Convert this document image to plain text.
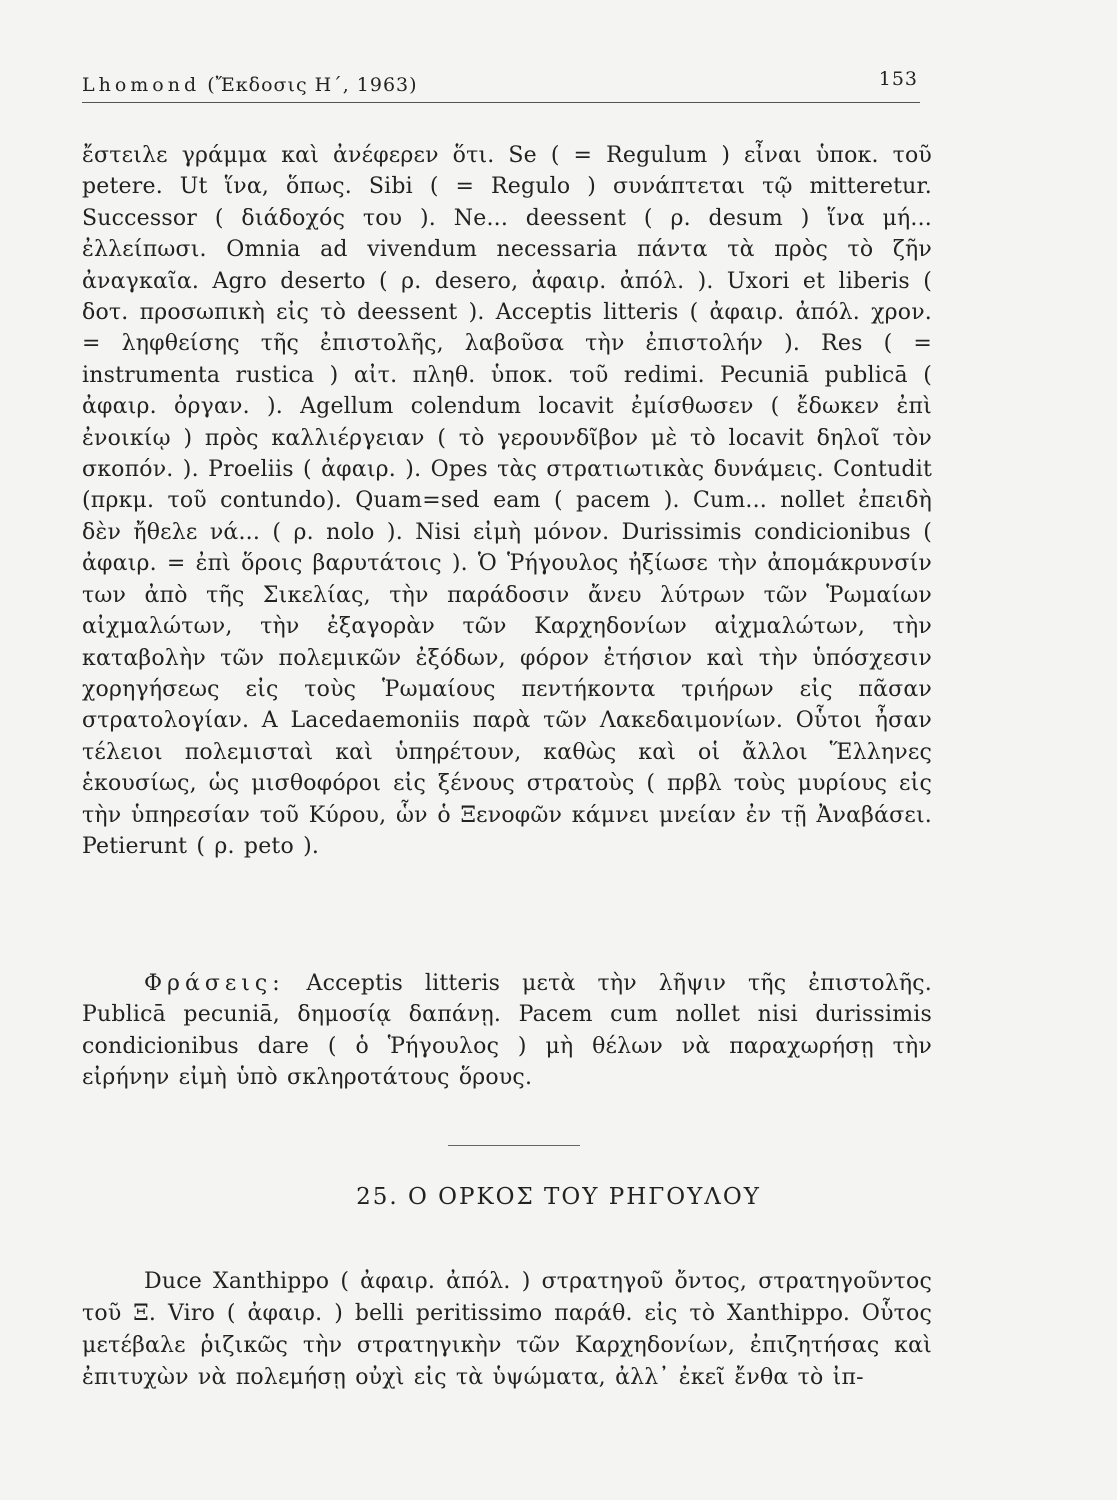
Lhomond (Ἔκδοσις Η΄, 1963)	153

ἔστειλε γράμμα καὶ ἀνέφερεν ὅτι. Se ( = Regulum ) εἶναι ὑποκ. τοῦ petere. Ut ἵνα, ὅπως. Sibi ( = Regulo ) συνάπτεται τῷ mitteretur. Successor ( διάδοχός του ). Ne... deessent ( ρ. desum ) ἵνα μή... ἐλλείπωσι. Omnia ad vivendum necessaria πάντα τὰ πρὸς τὸ ζῆν ἀναγκαῖα. Agro deserto ( ρ. desero, ἀφαιρ. ἀπόλ. ). Uxori et liberis ( δοτ. προσωπικὴ εἰς τὸ deessent ). Acceptis litteris ( ἀφαιρ. ἀπόλ. χρον. = ληφθείσης τῆς ἐπιστολῆς, λαβοῦσα τὴν ἐπιστολήν ). Res ( = instrumenta rustica ) αἰτ. πληθ. ὑποκ. τοῦ redimi. Pecuniā publicā ( ἀφαιρ. ὀργαν. ). Agellum colendum locavit ἐμίσθωσεν ( ἔδωκεν ἐπὶ ἐνοικίῳ ) πρὸς καλλιέργειαν ( τὸ γερουνδῖβον μὲ τὸ locavit δηλοῖ τὸν σκοπόν. ). Proeliis ( ἀφαιρ. ). Opes τὰς στρατιωτικὰς δυνάμεις. Contudit (πρκμ. τοῦ contundo). Quam=sed eam ( pacem ). Cum... nollet ἐπειδὴ δὲν ἤθελε νά... ( ρ. nolo ). Nisi εἰμὴ μόνον. Durissimis condicionibus ( ἀφαιρ. = ἐπὶ ὅροις βαρυτάτοις ). Ὁ Ῥήγουλος ἠξίωσε τὴν ἀπομάκρυνσίν των ἀπὸ τῆς Σικελίας, τὴν παράδοσιν ἄνευ λύτρων τῶν Ῥωμαίων αἰχμαλώτων, τὴν ἐξαγορὰν τῶν Καρχηδονίων αἰχμαλώτων, τὴν καταβολὴν τῶν πολεμικῶν ἐξόδων, φόρον ἐτήσιον καὶ τὴν ὑπόσχεσιν χορηγήσεως εἰς τοὺς Ῥωμαίους πεντήκοντα τριήρων εἰς πᾶσαν στρατολογίαν. A Lacedaemoniis παρὰ τῶν Λακεδαιμονίων. Οὗτοι ἦσαν τέλειοι πολεμισταὶ καὶ ὑπηρέτουν, καθὼς καὶ οἱ ἄλλοι Ἕλληνες ἑκουσίως, ὡς μισθοφόροι εἰς ξένους στρατοὺς ( πρβλ τοὺς μυρίους εἰς τὴν ὑπηρεσίαν τοῦ Κύρου, ὧν ὁ Ξενοφῶν κάμνει μνείαν ἐν τῇ Ἀναβάσει. Petierunt ( ρ. peto ).

Φράσεις: Acceptis litteris μετὰ τὴν λῆψιν τῆς ἐπιστολῆς. Publicā pecuniā, δημοσίᾳ δαπάνῃ. Pacem cum nollet nisi durissimis condicionibus dare ( ὁ Ῥήγουλος ) μὴ θέλων νὰ παραχωρήσῃ τὴν εἰρήνην εἰμὴ ὑπὸ σκληροτάτους ὅρους.

25. Ο ΟΡΚΟΣ ΤΟΥ ΡΗΓΟΥΛΟΥ

Duce Xanthippo ( ἀφαιρ. ἀπόλ. ) στρατηγοῦ ὄντος, στρατηγοῦντος τοῦ Ξ. Viro ( ἀφαιρ. ) belli peritissimo παράθ. εἰς τὸ Xanthippo. Οὗτος μετέβαλε ῥιζικῶς τὴν στρατηγικὴν τῶν Καρχηδονίων, ἐπιζητήσας καὶ ἐπιτυχὼν νὰ πολεμήσῃ οὐχὶ εἰς τὰ ὑψώματα, ἀλλ᾽ ἐκεῖ ἔνθα τὸ ἰπ-
